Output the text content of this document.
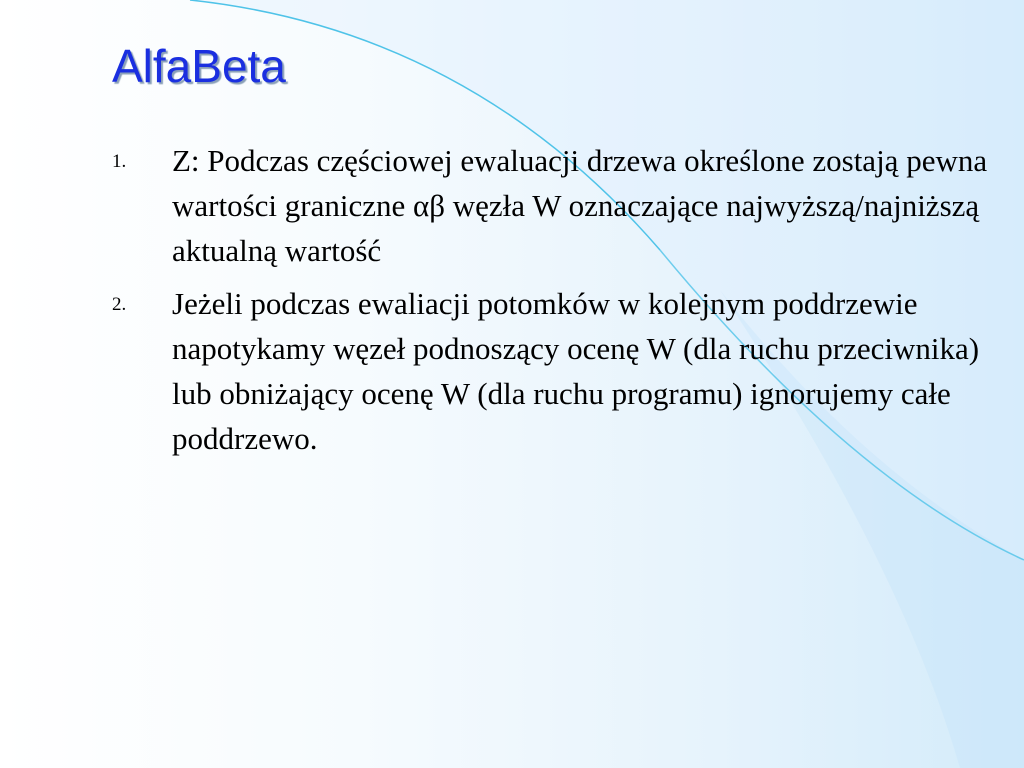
AlfaBeta
1.	Z: Podczas częściowej ewaluacji drzewa określone zostają pewna wartości graniczne αβ węzła W oznaczające najwyższą/najniższą aktualną wartość
2.	Jeżeli podczas ewaliacji potomków w kolejnym poddrzewie napotykamy węzeł podnoszący ocenę W (dla ruchu przeciwnika) lub obniżający ocenę W (dla ruchu programu) ignorujemy całe poddrzewo.
